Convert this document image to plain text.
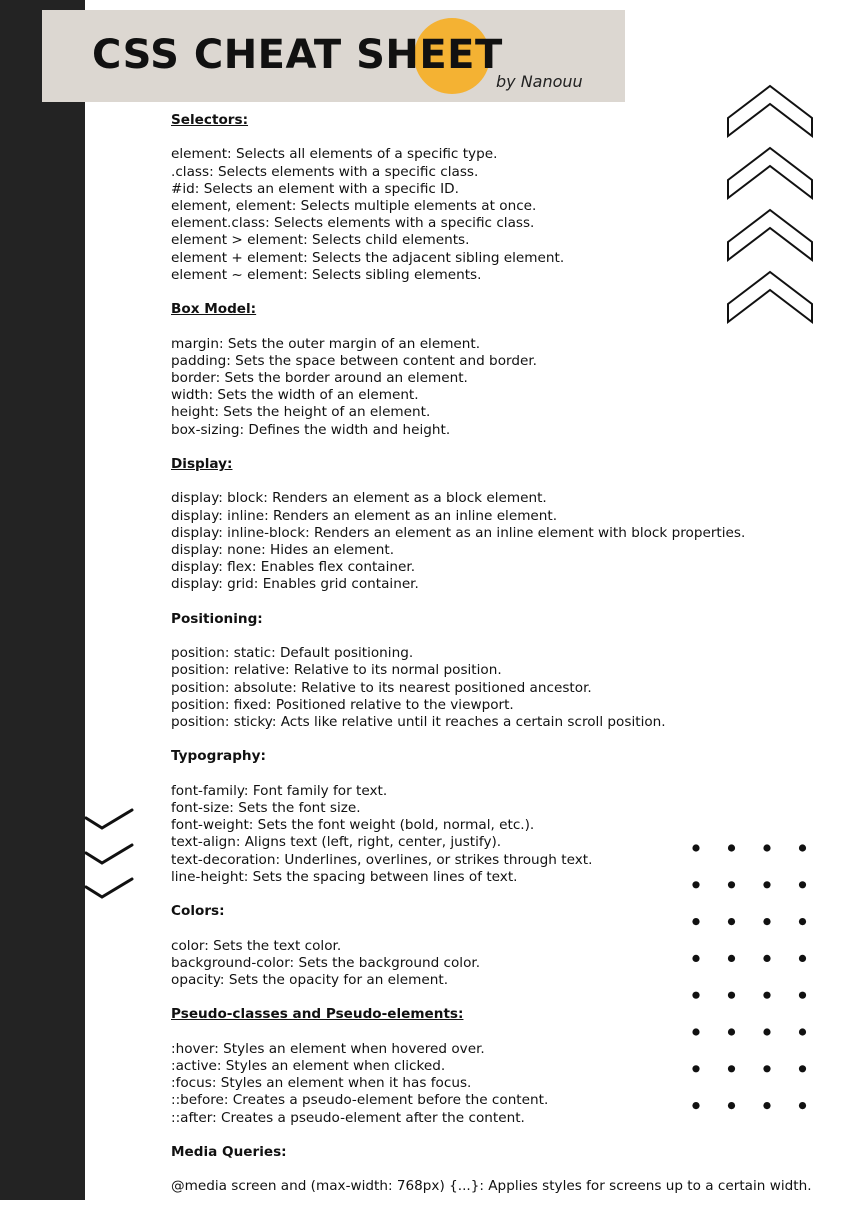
CSS CHEAT SHEET
by Nanouu
Selectors:
element: Selects all elements of a specific type.
.class: Selects elements with a specific class.
#id: Selects an element with a specific ID.
element, element: Selects multiple elements at once.
element.class: Selects elements with a specific class.
element > element: Selects child elements.
element + element: Selects the adjacent sibling element.
element ~ element: Selects sibling elements.
Box Model:
margin: Sets the outer margin of an element.
padding: Sets the space between content and border.
border: Sets the border around an element.
width: Sets the width of an element.
height: Sets the height of an element.
box-sizing: Defines the width and height.
Display:
display: block: Renders an element as a block element.
display: inline: Renders an element as an inline element.
display: inline-block: Renders an element as an inline element with block properties.
display: none: Hides an element.
display: flex: Enables flex container.
display: grid: Enables grid container.
Positioning:
position: static: Default positioning.
position: relative: Relative to its normal position.
position: absolute: Relative to its nearest positioned ancestor.
position: fixed: Positioned relative to the viewport.
position: sticky: Acts like relative until it reaches a certain scroll position.
Typography:
font-family: Font family for text.
font-size: Sets the font size.
font-weight: Sets the font weight (bold, normal, etc.).
text-align: Aligns text (left, right, center, justify).
text-decoration: Underlines, overlines, or strikes through text.
line-height: Sets the spacing between lines of text.
Colors:
color: Sets the text color.
background-color: Sets the background color.
opacity: Sets the opacity for an element.
Pseudo-classes and Pseudo-elements:
:hover: Styles an element when hovered over.
:active: Styles an element when clicked.
:focus: Styles an element when it has focus.
::before: Creates a pseudo-element before the content.
::after: Creates a pseudo-element after the content.
Media Queries:
@media screen and (max-width: 768px) {...}: Applies styles for screens up to a certain width.
